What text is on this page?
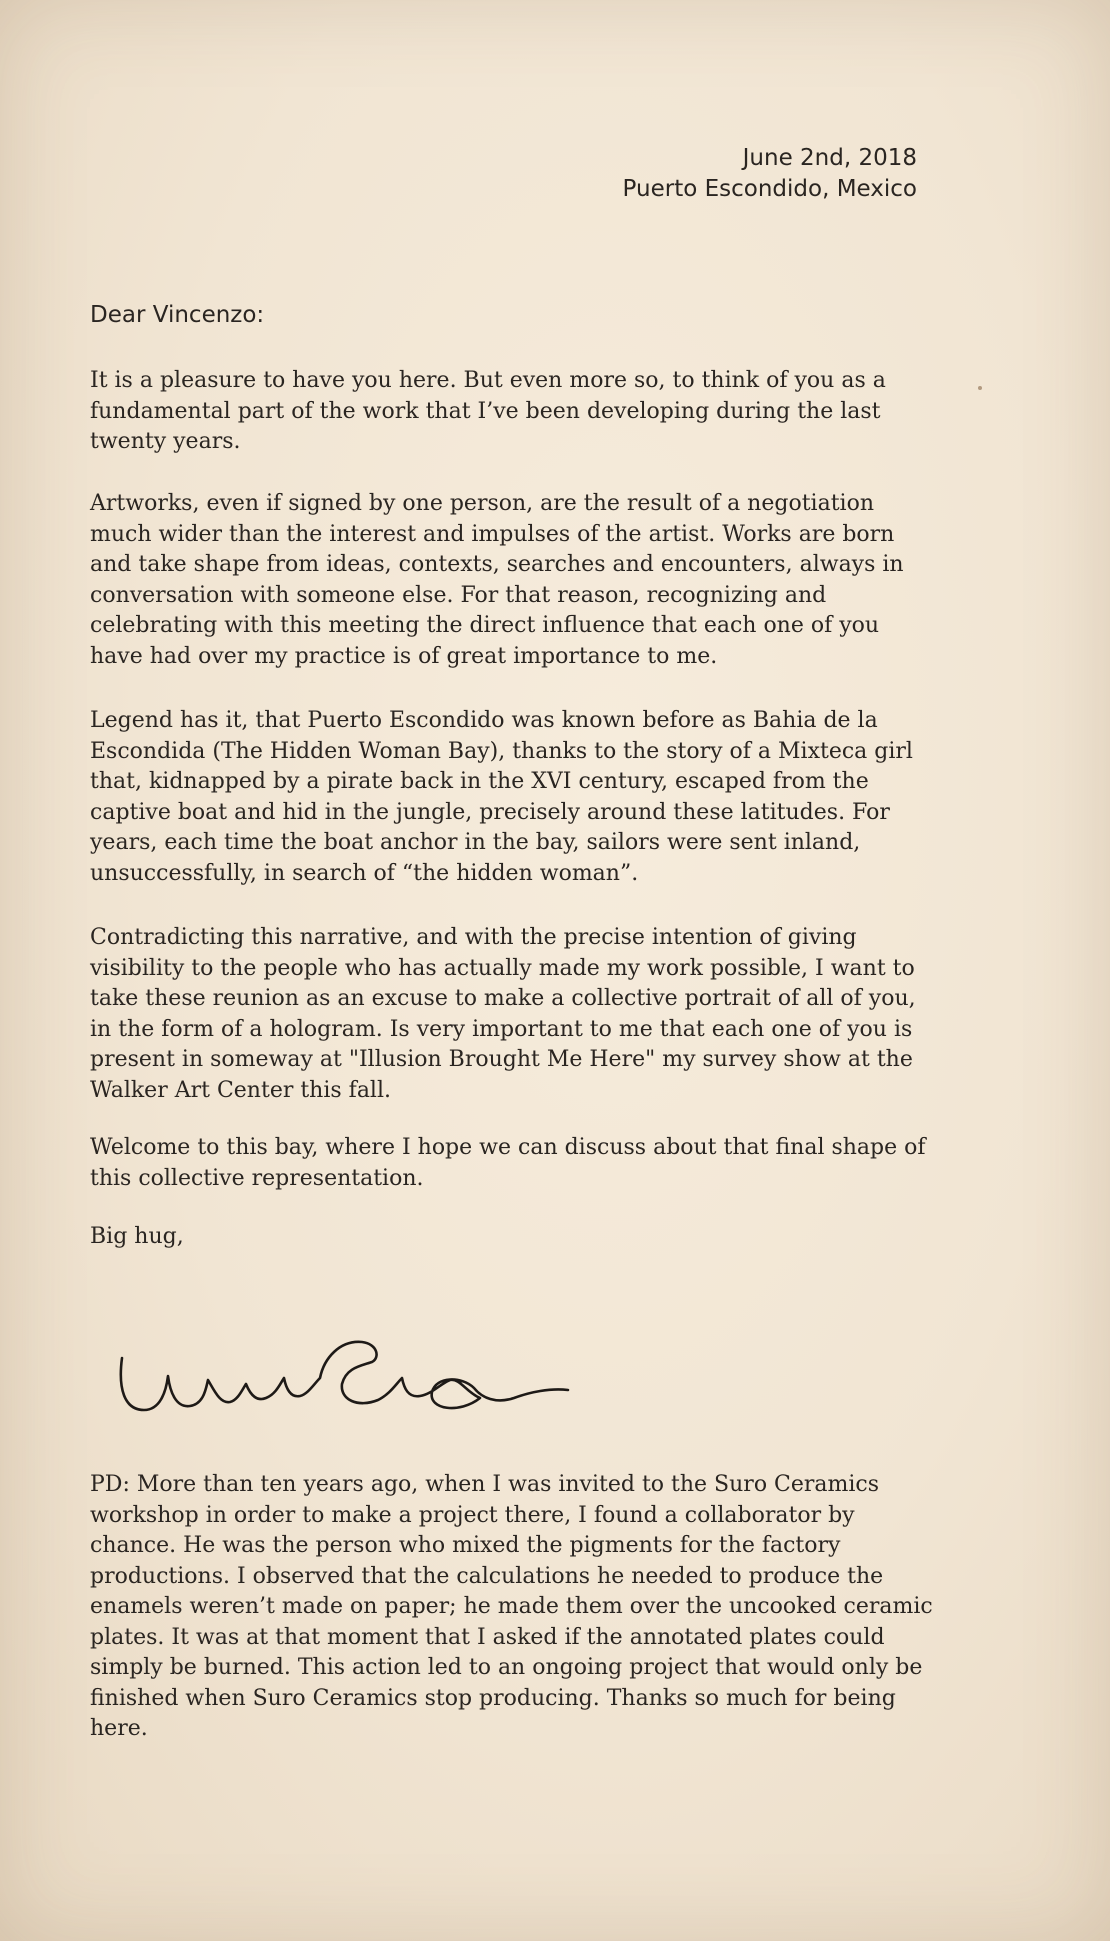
June 2nd, 2018
Puerto Escondido, Mexico
Dear Vincenzo:

It is a pleasure to have you here. But even more so, to think of you as a fundamental part of the work that I’ve been developing during the last twenty years.

Artworks, even if signed by one person, are the result of a negotiation much wider than the interest and impulses of the artist. Works are born and take shape from ideas, contexts, searches and encounters, always in conversation with someone else. For that reason, recognizing and celebrating with this meeting the direct influence that each one of you have had over my practice is of great importance to me.

Legend has it, that Puerto Escondido was known before as Bahia de la Escondida (The Hidden Woman Bay), thanks to the story of a Mixteca girl that, kidnapped by a pirate back in the XVI century, escaped from the captive boat and hid in the jungle, precisely around these latitudes. For years, each time the boat anchor in the bay, sailors were sent inland, unsuccessfully, in search of “the hidden woman”.

Contradicting this narrative, and with the precise intention of giving visibility to the people who has actually made my work possible, I want to take these reunion as an excuse to make a collective portrait of all of you, in the form of a hologram. Is very important to me that each one of you is present in someway at "Illusion Brought Me Here" my survey show at the Walker Art Center this fall.

Welcome to this bay, where I hope we can discuss about that final shape of this collective representation.

Big hug,

PD: More than ten years ago, when I was invited to the Suro Ceramics workshop in order to make a project there, I found a collaborator by chance. He was the person who mixed the pigments for the factory productions. I observed that the calculations he needed to produce the enamels weren’t made on paper; he made them over the uncooked ceramic plates. It was at that moment that I asked if the annotated plates could simply be burned. This action led to an ongoing project that would only be finished when Suro Ceramics stop producing. Thanks so much for being here.
